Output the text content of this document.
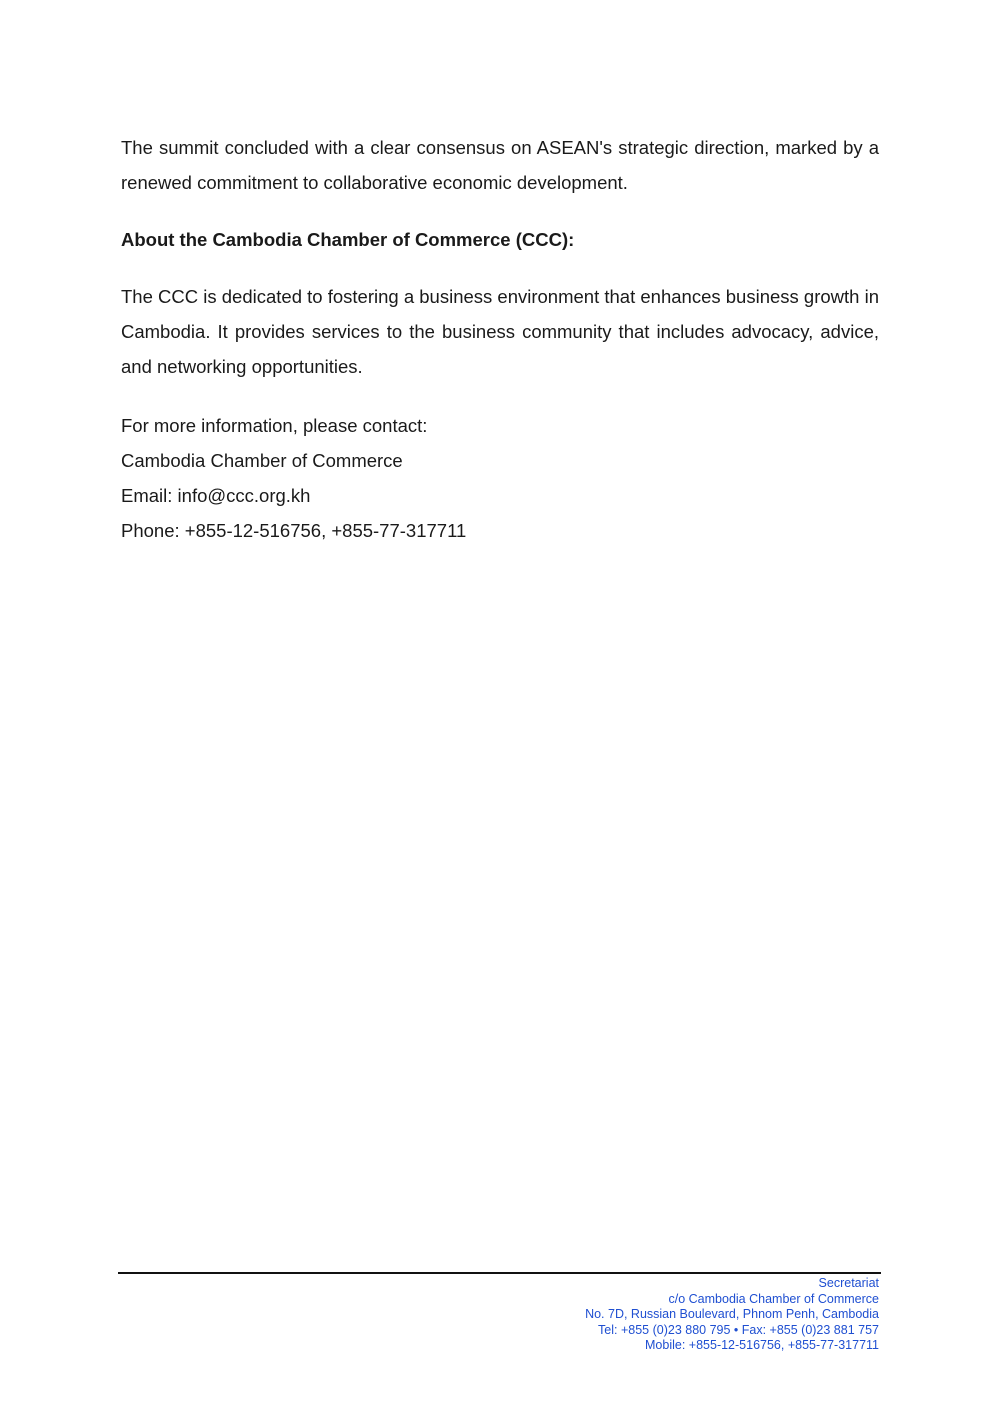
The summit concluded with a clear consensus on ASEAN's strategic direction, marked by a renewed commitment to collaborative economic development.

About the Cambodia Chamber of Commerce (CCC):

The CCC is dedicated to fostering a business environment that enhances business growth in Cambodia. It provides services to the business community that includes advocacy, advice, and networking opportunities.

For more information, please contact:

Cambodia Chamber of Commerce

Email: info@ccc.org.kh

Phone: +855-12-516756, +855-77-317711

Secretariat
c/o Cambodia Chamber of Commerce
No. 7D, Russian Boulevard, Phnom Penh, Cambodia
Tel: +855 (0)23 880 795 • Fax: +855 (0)23 881 757
Mobile: +855-12-516756, +855-77-317711
